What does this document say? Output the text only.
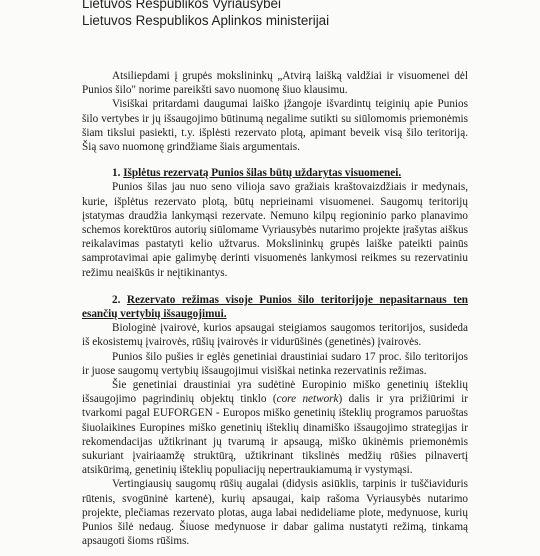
Lietuvos Respublikos Vyriausybei
Lietuvos Respublikos Aplinkos ministerijai

Atsiliepdami į grupės mokslininkų „Atvirą laišką valdžiai ir visuomenei dėl Punios šilo" norime pareikšti savo nuomonę šiuo klausimu.

Visiškai pritardami daugumai laiško įžangoje išvardintų teiginių apie Punios šilo vertybes ir jų išsaugojimo būtinumą negalime sutikti su siūlomomis priemonėmis šiam tikslui pasiekti, t.y. išplėsti rezervato plotą, apimant beveik visą šilo teritoriją. Šią savo nuomonę grindžiame šiais argumentais.

1. Išplėtus rezervatą Punios šilas būtų uždarytas visuomenei.

Punios šilas jau nuo seno vilioja savo gražiais kraštovaizdžiais ir medynais, kurie, išplėtus rezervato plotą, būtų neprieinami visuomenei. Saugomų teritorijų įstatymas draudžia lankymąsi rezervate. Nemuno kilpų regioninio parko planavimo schemos korektūros autorių siūlomame Vyriausybės nutarimo projekte įrašytas aiškus reikalavimas pastatyti kelio užtvarus. Mokslininkų grupės laiške pateikti painūs samprotavimai apie galimybę derinti visuomenės lankymosi reikmes su rezervatiniu režimu neaiškūs ir neįtikinantys.

2. Rezervato režimas visoje Punios šilo teritorijoje nepasitarnaus ten esančių vertybių išsaugojimui.

Biologinė įvairovė, kurios apsaugai steigiamos saugomos teritorijos, susideda iš ekosistemų įvairovės, rūšių įvairovės ir vidurūšinės (genetinės) įvairovės.

Punios šilo pušies ir eglės genetiniai draustiniai sudaro 17 proc. šilo teritorijos ir juose saugomų vertybių išsaugojimui visiškai netinka rezervatinis režimas.

Šie genetiniai draustiniai yra sudėtinė Europinio miško genetinių išteklių išsaugojimo pagrindinių objektų tinklo (core network) dalis ir yra prižiūrimi ir tvarkomi pagal EUFORGEN - Europos miško genetinių išteklių programos paruoštas šiuolaikines Europines miško genetinių išteklių dinamiško išsaugojimo strategijas ir rekomendacijas užtikrinant jų tvarumą ir apsaugą, miško ūkinėmis priemonėmis sukuriant įvairiaamžę struktūrą, užtikrinant tikslinės medžių rūšies pilnavertį atsikūrimą, genetinių išteklių populiacijų nepertraukiamumą ir vystymąsi.

Vertingiausių saugomų rūšių augalai (didysis asiūklis, tarpinis ir tuščiaviduris rūtenis, svogūninė kartenė), kurių apsaugai, kaip rašoma Vyriausybės nutarimo projekte, plečiamas rezervato plotas, auga labai nedideliame plote, medynuose, kurių Punios šilė nedaug. Šiuose medynuose ir dabar galima nustatyti režimą, tinkamą apsaugoti šioms rūšims.
